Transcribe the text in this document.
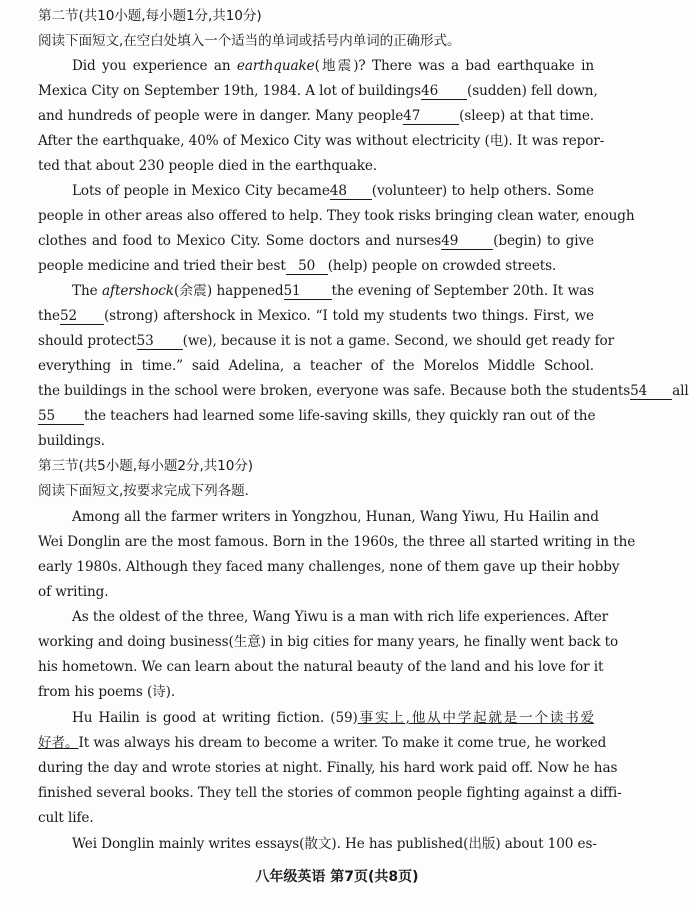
第二节(共10小题,每小题1分,共10分)
阅读下面短文,在空白处填入一个适当的单词或括号内单词的正确形式。
Did you experience an earthquake(地震)? There was a bad earthquake in
Mexica City on September 19th, 1984. A lot of buildings46 (sudden) fell down,
and hundreds of people were in danger. Many people47	(sleep) at that time.
After the earthquake, 40% of Mexico City was without electricity (电). It was repor-
ted that about 230 people died in the earthquake.
Lots of people in Mexico City became48 (volunteer) to help others. Some
people in other areas also offered to help. They took risks bringing clean water, enough
clothes and food to Mexico City. Some doctors and nurses49	(begin) to give
people medicine and tried their best 50 (help) people on crowded streets.
The aftershock(余震) happened51 the evening of September 20th. It was
the52 (strong) aftershock in Mexico. “I told my students two things. First, we
should protect53 (we), because it is not a game. Second, we should get ready for
everything in time.” said Adelina, a teacher of the Morelos Middle School.
the buildings in the school were broken, everyone was safe. Because both the students54 all
55 the teachers had learned some life-saving skills, they quickly ran out of the
buildings.
第三节(共5小题,每小题2分,共10分)
阅读下面短文,按要求完成下列各题.
Among all the farmer writers in Yongzhou, Hunan, Wang Yiwu, Hu Hailin and
Wei Donglin are the most famous. Born in the 1960s, the three all started writing in the
early 1980s. Although they faced many challenges, none of them gave up their hobby
of writing.
As the oldest of the three, Wang Yiwu is a man with rich life experiences. After
working and doing business(生意) in big cities for many years, he finally went back to
his hometown. We can learn about the natural beauty of the land and his love for it
from his poems (诗).
Hu Hailin is good at writing fiction. (59)事实上,他从中学起就是一个读书爱
好者。It was always his dream to become a writer. To make it come true, he worked
during the day and wrote stories at night. Finally, his hard work paid off. Now he has
finished several books. They tell the stories of common people fighting against a diffi-
cult life.
Wei Donglin mainly writes essays(散文). He has published(出版) about 100 es-
八年级英语 第7页(共8页)
